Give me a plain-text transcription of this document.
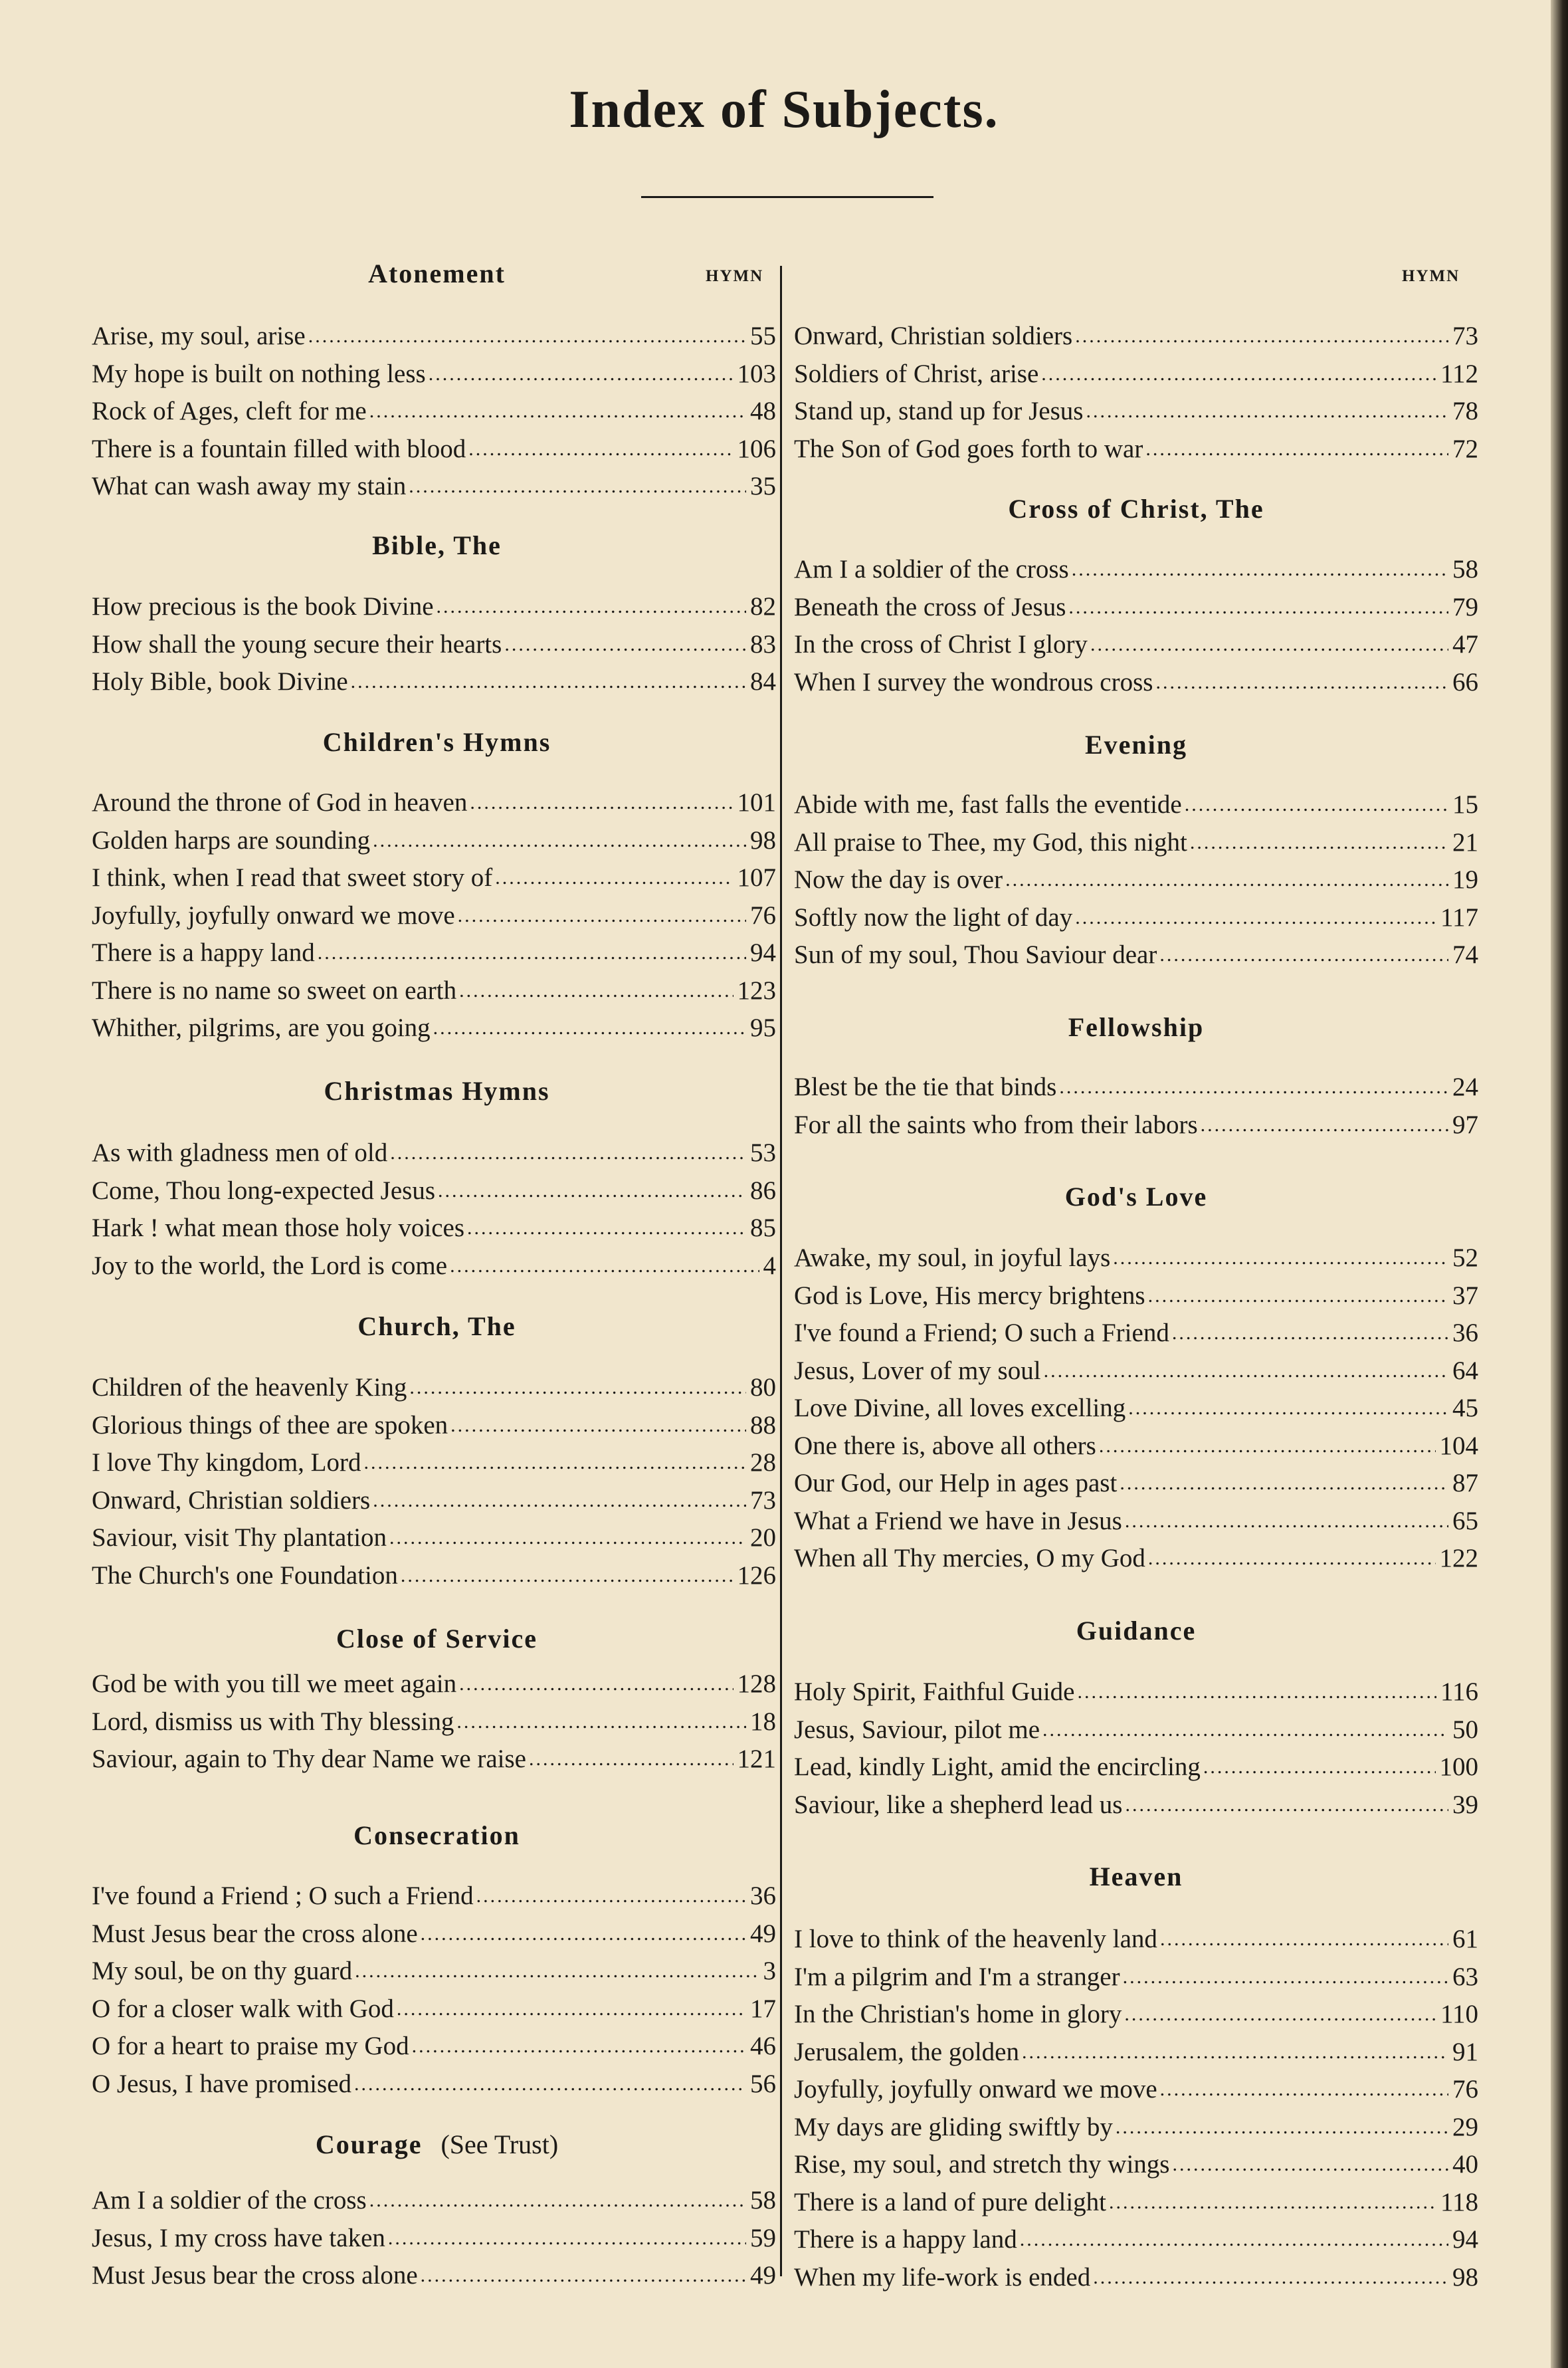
Index of Subjects.
HYMN	HYMN
Atonement
Arise, my soul, arise .....	55
My hope is built on nothing less .....	103
Rock of Ages, cleft for me .....	48
There is a fountain filled with blood .....	106
What can wash away my stain .....	35
Bible, The
How precious is the book Divine .....	82
How shall the young secure their hearts .....	83
Holy Bible, book Divine .....	84
Children's Hymns
Around the throne of God in heaven .....	101
Golden harps are sounding .....	98
I think, when I read that sweet story of .....	107
Joyfully, joyfully onward we move .....	76
There is a happy land .....	94
There is no name so sweet on earth .....	123
Whither, pilgrims, are you going .....	95
Christmas Hymns
As with gladness men of old .....	53
Come, Thou long-expected Jesus .....	86
Hark ! what mean those holy voices .....	85
Joy to the world, the Lord is come .....	4
Church, The
Children of the heavenly King .....	80
Glorious things of thee are spoken .....	88
I love Thy kingdom, Lord .....	28
Onward, Christian soldiers .....	73
Saviour, visit Thy plantation .....	20
The Church's one Foundation .....	126
Close of Service
God be with you till we meet again .....	128
Lord, dismiss us with Thy blessing .....	18
Saviour, again to Thy dear Name we raise .....	121
Consecration
I've found a Friend ; O such a Friend .....	36
Must Jesus bear the cross alone .....	49
My soul, be on thy guard .....	3
O for a closer walk with God .....	17
O for a heart to praise my God .....	46
O Jesus, I have promised .....	56
Courage (See Trust)
Am I a soldier of the cross .....	58
Jesus, I my cross have taken .....	59
Must Jesus bear the cross alone .....	49
Onward, Christian soldiers .....	73
Soldiers of Christ, arise .....	112
Stand up, stand up for Jesus .....	78
The Son of God goes forth to war .....	72
Cross of Christ, The
Am I a soldier of the cross .....	58
Beneath the cross of Jesus .....	79
In the cross of Christ I glory .....	47
When I survey the wondrous cross .....	66
Evening
Abide with me, fast falls the eventide .....	15
All praise to Thee, my God, this night .....	21
Now the day is over .....	19
Softly now the light of day .....	117
Sun of my soul, Thou Saviour dear .....	74
Fellowship
Blest be the tie that binds .....	24
For all the saints who from their labors .....	97
God's Love
Awake, my soul, in joyful lays .....	52
God is Love, His mercy brightens .....	37
I've found a Friend; O such a Friend .....	36
Jesus, Lover of my soul .....	64
Love Divine, all loves excelling .....	45
One there is, above all others .....	104
Our God, our Help in ages past .....	87
What a Friend we have in Jesus .....	65
When all Thy mercies, O my God .....	122
Guidance
Holy Spirit, Faithful Guide .....	116
Jesus, Saviour, pilot me .....	50
Lead, kindly Light, amid the encircling .....	100
Saviour, like a shepherd lead us .....	39
Heaven
I love to think of the heavenly land .....	61
I'm a pilgrim and I'm a stranger .....	63
In the Christian's home in glory .....	110
Jerusalem, the golden .....	91
Joyfully, joyfully onward we move .....	76
My days are gliding swiftly by .....	29
Rise, my soul, and stretch thy wings .....	40
There is a land of pure delight .....	118
There is a happy land .....	94
When my life-work is ended .....	98
